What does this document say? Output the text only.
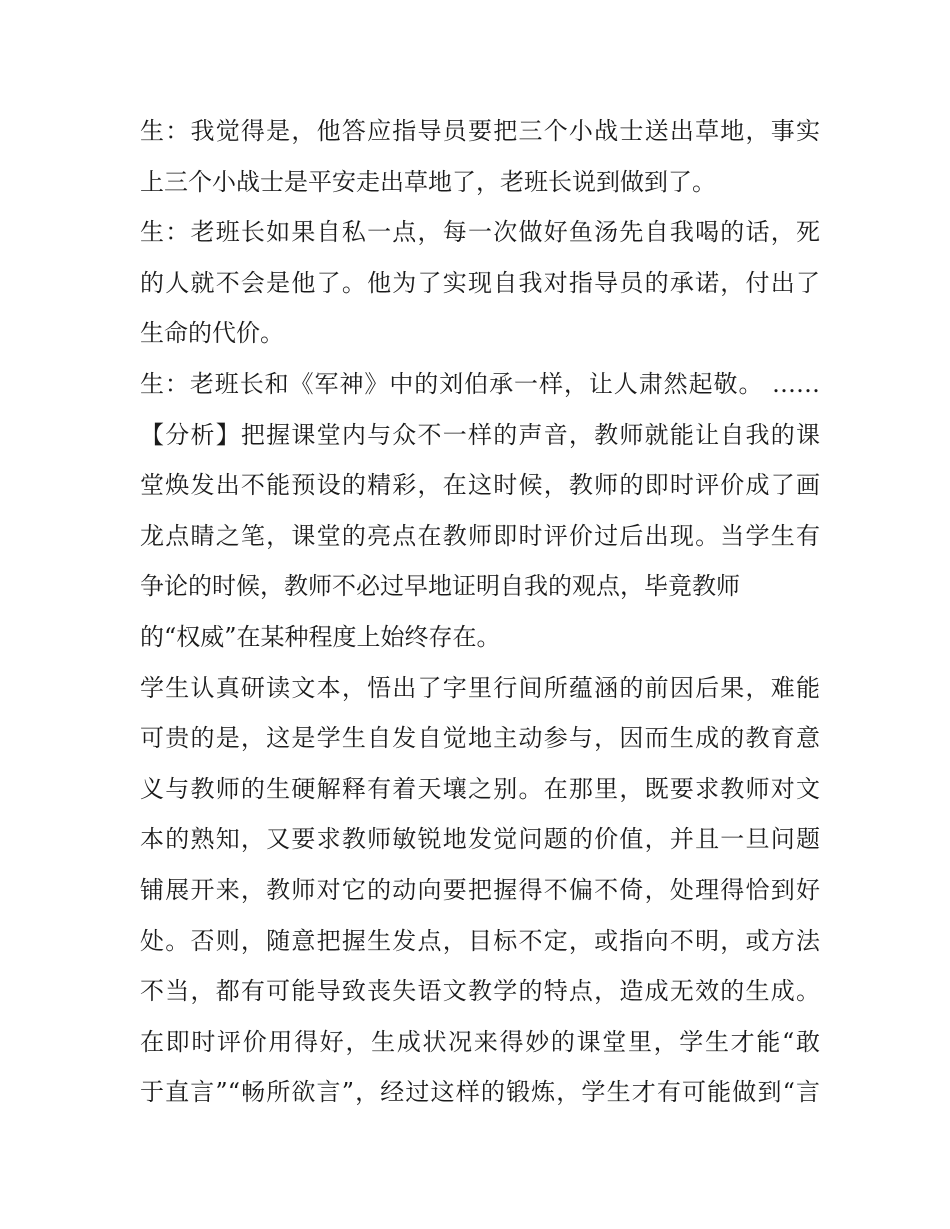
生：我觉得是，他答应指导员要把三个小战士送出草地，事实
上三个小战士是平安走出草地了，老班长说到做到了。
生：老班长如果自私一点，每一次做好鱼汤先自我喝的话，死
的人就不会是他了。他为了实现自我对指导员的承诺，付出了
生命的代价。
生：老班长和《军神》中的刘伯承一样，让人肃然起敬。 ……
【分析】把握课堂内与众不一样的声音，教师就能让自我的课
堂焕发出不能预设的精彩，在这时候，教师的即时评价成了画
龙点睛之笔，课堂的亮点在教师即时评价过后出现。当学生有
争论的时候，教师不必过早地证明自我的观点，毕竟教师
的“权威”在某种程度上始终存在。
学生认真研读文本，悟出了字里行间所蕴涵的前因后果，难能
可贵的是，这是学生自发自觉地主动参与，因而生成的教育意
义与教师的生硬解释有着天壤之别。在那里，既要求教师对文
本的熟知，又要求教师敏锐地发觉问题的价值，并且一旦问题
铺展开来，教师对它的动向要把握得不偏不倚，处理得恰到好
处。否则，随意把握生发点，目标不定，或指向不明，或方法
不当，都有可能导致丧失语文教学的特点，造成无效的生成。
在即时评价用得好，生成状况来得妙的课堂里，学生才能“敢
于直言”“畅所欲言”，经过这样的锻炼，学生才有可能做到“言
